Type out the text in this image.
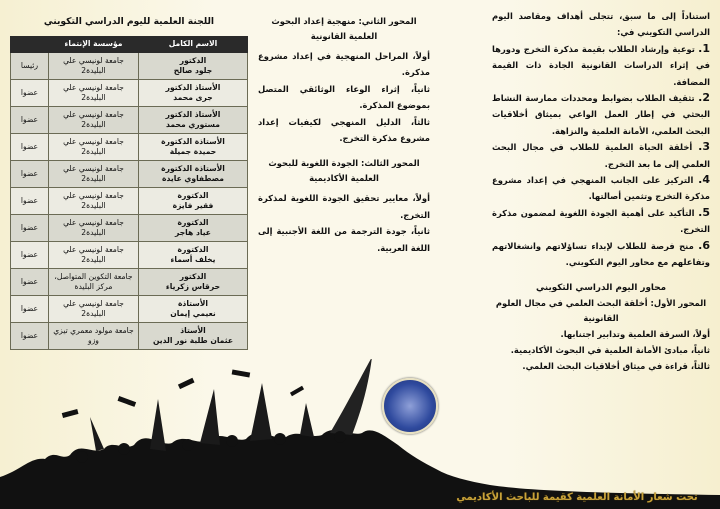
استناداً إلى ما سبق، تتجلى أهداف ومقاصد اليوم الدراسي التكويني في:

1. توعية وإرشاد الطلاب بقيمة مذكرة التخرج ودورها في إثراء الدراسات القانونية الجادة ذات القيمة المضافة.

2. تثقيف الطلاب بضوابط ومحددات ممارسة النشاط البحثي في إطار العمل الواعي بميثاق أخلاقيات البحث العلمي، الأمانة العلمية والنزاهة.

3. أخلقة الحياة العلمية للطلاب في مجال البحث العلمي إلى ما بعد التخرج.

4. التركيز على الجانب المنهجي في إعداد مشروع مذكرة التخرج وتثمين أصالتها.

5. التأكيد على أهمية الجودة اللغوية لمضمون مذكرة التخرج.

6. منح فرصة للطلاب لإبداء تساؤلاتهم وانشغالاتهم وتفاعلهم مع محاور اليوم التكويني.

محاور اليوم الدراسي التكويني

المحور الأول: أخلقة البحث العلمي في مجال العلوم القانونية

أولاً، السرقة العلمية وتدابير اجتنابها.

ثانياً، مبادئ الأمانة العلمية في البحوث الأكاديمية.

ثالثاً، قراءة في ميثاق أخلاقيات البحث العلمي.

المحور الثاني: منهجية إعداد البحوث العلمية القانونية

أولاً، المراحل المنهجية في إعداد مشروع مذكرة.

ثانياً، إثراء الوعاء الوثائقي المتصل بموضوع المذكرة.

ثالثاً، الدليل المنهجي لكيفيات إعداد مشروع مذكرة التخرج.

المحور الثالث: الجودة اللغوية للبحوث العلمية الأكاديمية

أولاً، معايير تحقيق الجودة اللغوية لمذكرة التخرج.

ثانياً، جودة الترجمة من اللغة الأجنبية إلى اللغة العربية.

اللجنة العلمية لليوم الدراسي التكويني
الاسم الكامل	مؤسسة الإنتماء	

الدكتور
جلود صالح	جامعة لونيسي علي البليدة2	رئيسا

الأستاذ الدكتور
جرى محمد	جامعة لونيسي علي البليدة2	عضوا

الأستاذ الدكتور
مستوري محمد	جامعة لونيسي علي البليدة2	عضوا

الأستاذة الدكتورة
حميدة جميلة	جامعة لونيسي علي البليدة2	عضوا

الأستاذة الدكتورة
مصطفاوي عايدة	جامعة لونيسي علي البليدة2	عضوا

الدكتورة
فقير فايزة	جامعة لونيسي علي البليدة2	عضوا

الدكتورة
عياد هاجر	جامعة لونيسي علي البليدة2	عضوا

الدكتورة
يخلف أسماء	جامعة لونيسي علي البليدة2	عضوا

الدكتور
حرقاس زكرياء	جامعة التكوين المتواصل، مركز البليدة	عضوا

الأستاذة
نعيمي إيمان	جامعة لونيسي علي البليدة2	عضوا

الأستاذ
عثمان طلبة نور الدين	جامعة مولود معمري تيزي وزو	عضوا
تحت شعار الأمانة العلمية كقيمة للباحث الأكاديمي
